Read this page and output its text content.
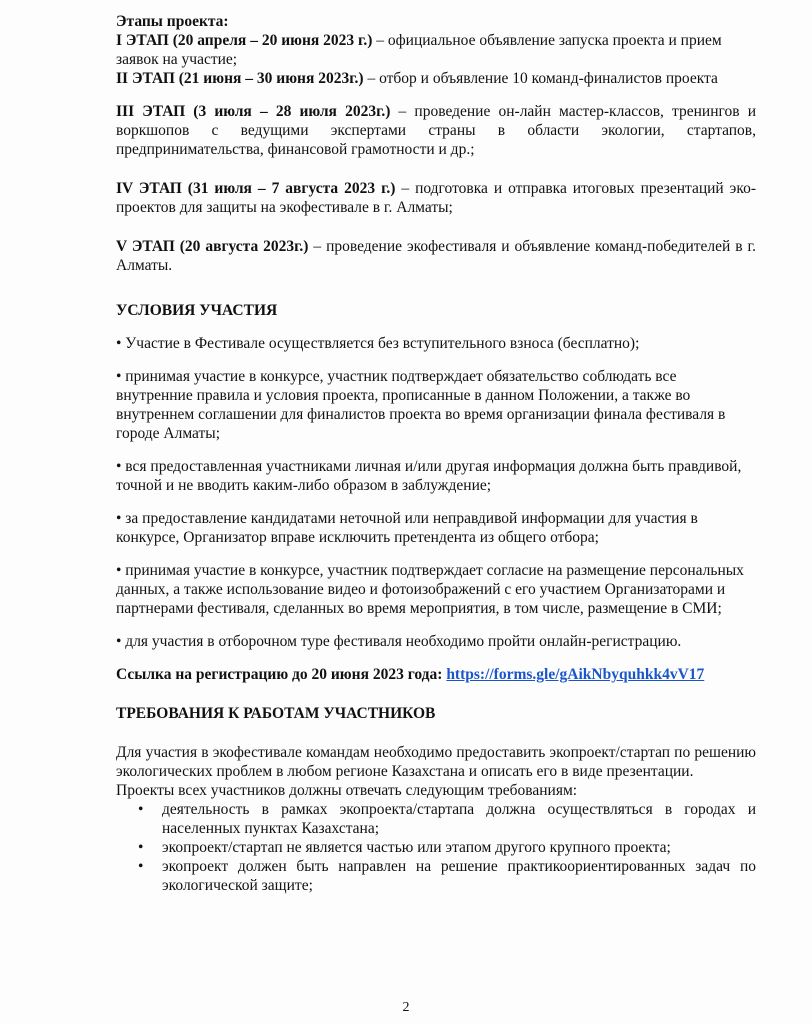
Этапы проекта:

I ЭТАП (20 апреля – 20 июня 2023 г.) – официальное объявление запуска проекта и прием заявок на участие;

II ЭТАП (21 июня – 30 июня 2023г.) – отбор и объявление 10 команд-финалистов проекта

III ЭТАП (3 июля – 28 июля 2023г.) – проведение он-лайн мастер-классов, тренингов и воркшопов с ведущими экспертами страны в области экологии, стартапов, предпринимательства, финансовой грамотности и др.;

IV ЭТАП (31 июля – 7 августа 2023 г.) – подготовка и отправка итоговых презентаций эко-проектов для защиты на экофестивале в г. Алматы;

V ЭТАП (20 августа 2023г.) – проведение экофестиваля и объявление команд-победителей в г. Алматы.

УСЛОВИЯ УЧАСТИЯ

• Участие в Фестивале осуществляется без вступительного взноса (бесплатно);

• принимая участие в конкурсе, участник подтверждает обязательство соблюдать все внутренние правила и условия проекта, прописанные в данном Положении, а также во внутреннем соглашении для финалистов проекта во время организации финала фестиваля в городе Алматы;

• вся предоставленная участниками личная и/или другая информация должна быть правдивой, точной и не вводить каким-либо образом в заблуждение;

• за предоставление кандидатами неточной или неправдивой информации для участия в конкурсе, Организатор вправе исключить претендента из общего отбора;

• принимая участие в конкурсе, участник подтверждает согласие на размещение персональных данных, а также использование видео и фотоизображений с его участием Организаторами и партнерами фестиваля, сделанных во время мероприятия, в том числе, размещение в СМИ;

• для участия в отборочном туре фестиваля необходимо пройти онлайн-регистрацию.

Ссылка на регистрацию до 20 июня 2023 года: https://forms.gle/gAikNbyquhkk4vV17

ТРЕБОВАНИЯ К РАБОТАМ УЧАСТНИКОВ

Для участия в экофестивале командам необходимо предоставить экопроект/стартап по решению экологических проблем в любом регионе Казахстана и описать его в виде презентации.

Проекты всех участников должны отвечать следующим требованиям:

• деятельность в рамках экопроекта/стартапа должна осуществляться в городах и населенных пунктах Казахстана;
• экопроект/стартап не является частью или этапом другого крупного проекта;
• экопроект должен быть направлен на решение практикоориентированных задач по экологической защите;
2
